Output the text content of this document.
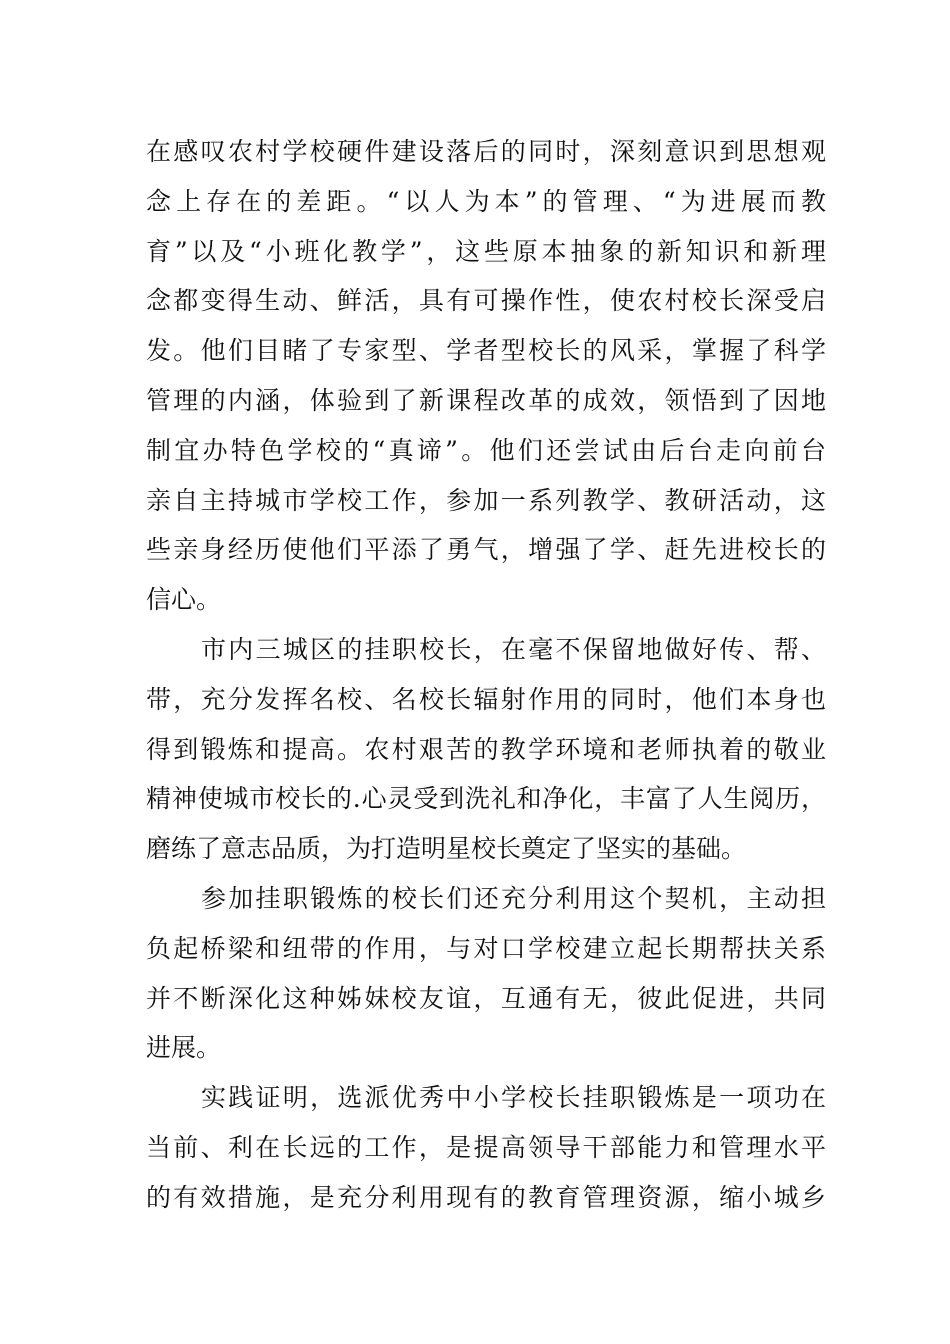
在感叹农村学校硬件建设落后的同时，深刻意识到思想观
念上存在的差距。“以人为本”的管理、“为进展而教
育”以及“小班化教学”，这些原本抽象的新知识和新理
念都变得生动、鲜活，具有可操作性，使农村校长深受启
发。他们目睹了专家型、学者型校长的风采，掌握了科学
管理的内涵，体验到了新课程改革的成效，领悟到了因地
制宜办特色学校的“真谛”。他们还尝试由后台走向前台
亲自主持城市学校工作，参加一系列教学、教研活动，这
些亲身经历使他们平添了勇气，增强了学、赶先进校长的
信心。
市内三城区的挂职校长，在毫不保留地做好传、帮、
带，充分发挥名校、名校长辐射作用的同时，他们本身也
得到锻炼和提高。农村艰苦的教学环境和老师执着的敬业
精神使城市校长的.心灵受到洗礼和净化，丰富了人生阅历，
磨练了意志品质，为打造明星校长奠定了坚实的基础。
参加挂职锻炼的校长们还充分利用这个契机，主动担
负起桥梁和纽带的作用，与对口学校建立起长期帮扶关系
并不断深化这种姊妹校友谊，互通有无，彼此促进，共同
进展。
实践证明，选派优秀中小学校长挂职锻炼是一项功在
当前、利在长远的工作，是提高领导干部能力和管理水平
的有效措施，是充分利用现有的教育管理资源，缩小城乡
